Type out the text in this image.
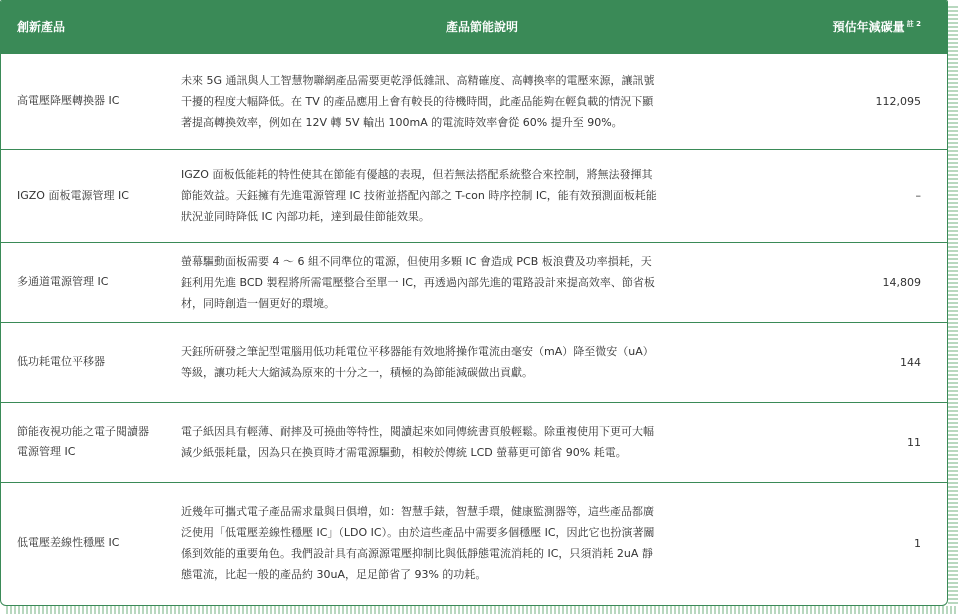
創新產品	產品節能說明	預估年減碳量 $^{註 2}$
高電壓降壓轉換器 IC	未來 5G 通訊與人工智慧物聯網產品需要更乾淨低雜訊、高精確度、高轉換率的電壓來源，讓訊號干擾的程度大幅降低。在 TV 的產品應用上會有較長的待機時間，此產品能夠在輕負載的情況下顯著提高轉換效率，例如在 12V 轉 5V 輸出 100mA 的電流時效率會從 60% 提升至 90%。	112,095
IGZO 面板電源管理 IC	IGZO 面板低能耗的特性使其在節能有優越的表現，但若無法搭配系統整合來控制，將無法發揮其節能效益。天鈺擁有先進電源管理 IC 技術並搭配內部之 T-con 時序控制 IC，能有效預測面板耗能狀況並同時降低 IC 內部功耗，達到最佳節能效果。	–
多通道電源管理 IC	螢幕驅動面板需要 4 ～ 6 組不同準位的電源，但使用多顆 IC 會造成 PCB 板浪費及功率損耗，天鈺利用先進 BCD 製程將所需電壓整合至單一 IC，再透過內部先進的電路設計來提高效率、節省板材，同時創造一個更好的環境。	14,809
低功耗電位平移器	天鈺所研發之筆記型電腦用低功耗電位平移器能有效地將操作電流由毫安（mA）降至微安（uA）等級，讓功耗大大縮減為原來的十分之一，積極的為節能減碳做出貢獻。	144
節能夜視功能之電子閱讀器電源管理 IC	電子紙因具有輕薄、耐摔及可撓曲等特性，閱讀起來如同傳統書頁般輕鬆。除重複使用下更可大幅減少紙張耗量，因為只在換頁時才需電源驅動，相較於傳統 LCD 螢幕更可節省 90% 耗電。	11
低電壓差線性穩壓 IC	近幾年可攜式電子產品需求量與日俱增，如：智慧手錶，智慧手環，健康監測器等，這些產品都廣泛使用「低電壓差線性穩壓 IC」（LDO IC）。由於這些產品中需要多個穩壓 IC，因此它也扮演著關係到效能的重要角色。我們設計具有高源源電壓抑制比與低靜態電流消耗的 IC，只須消耗 2uA 靜態電流，比起一般的產品約 30uA，足足節省了 93% 的功耗。	1
